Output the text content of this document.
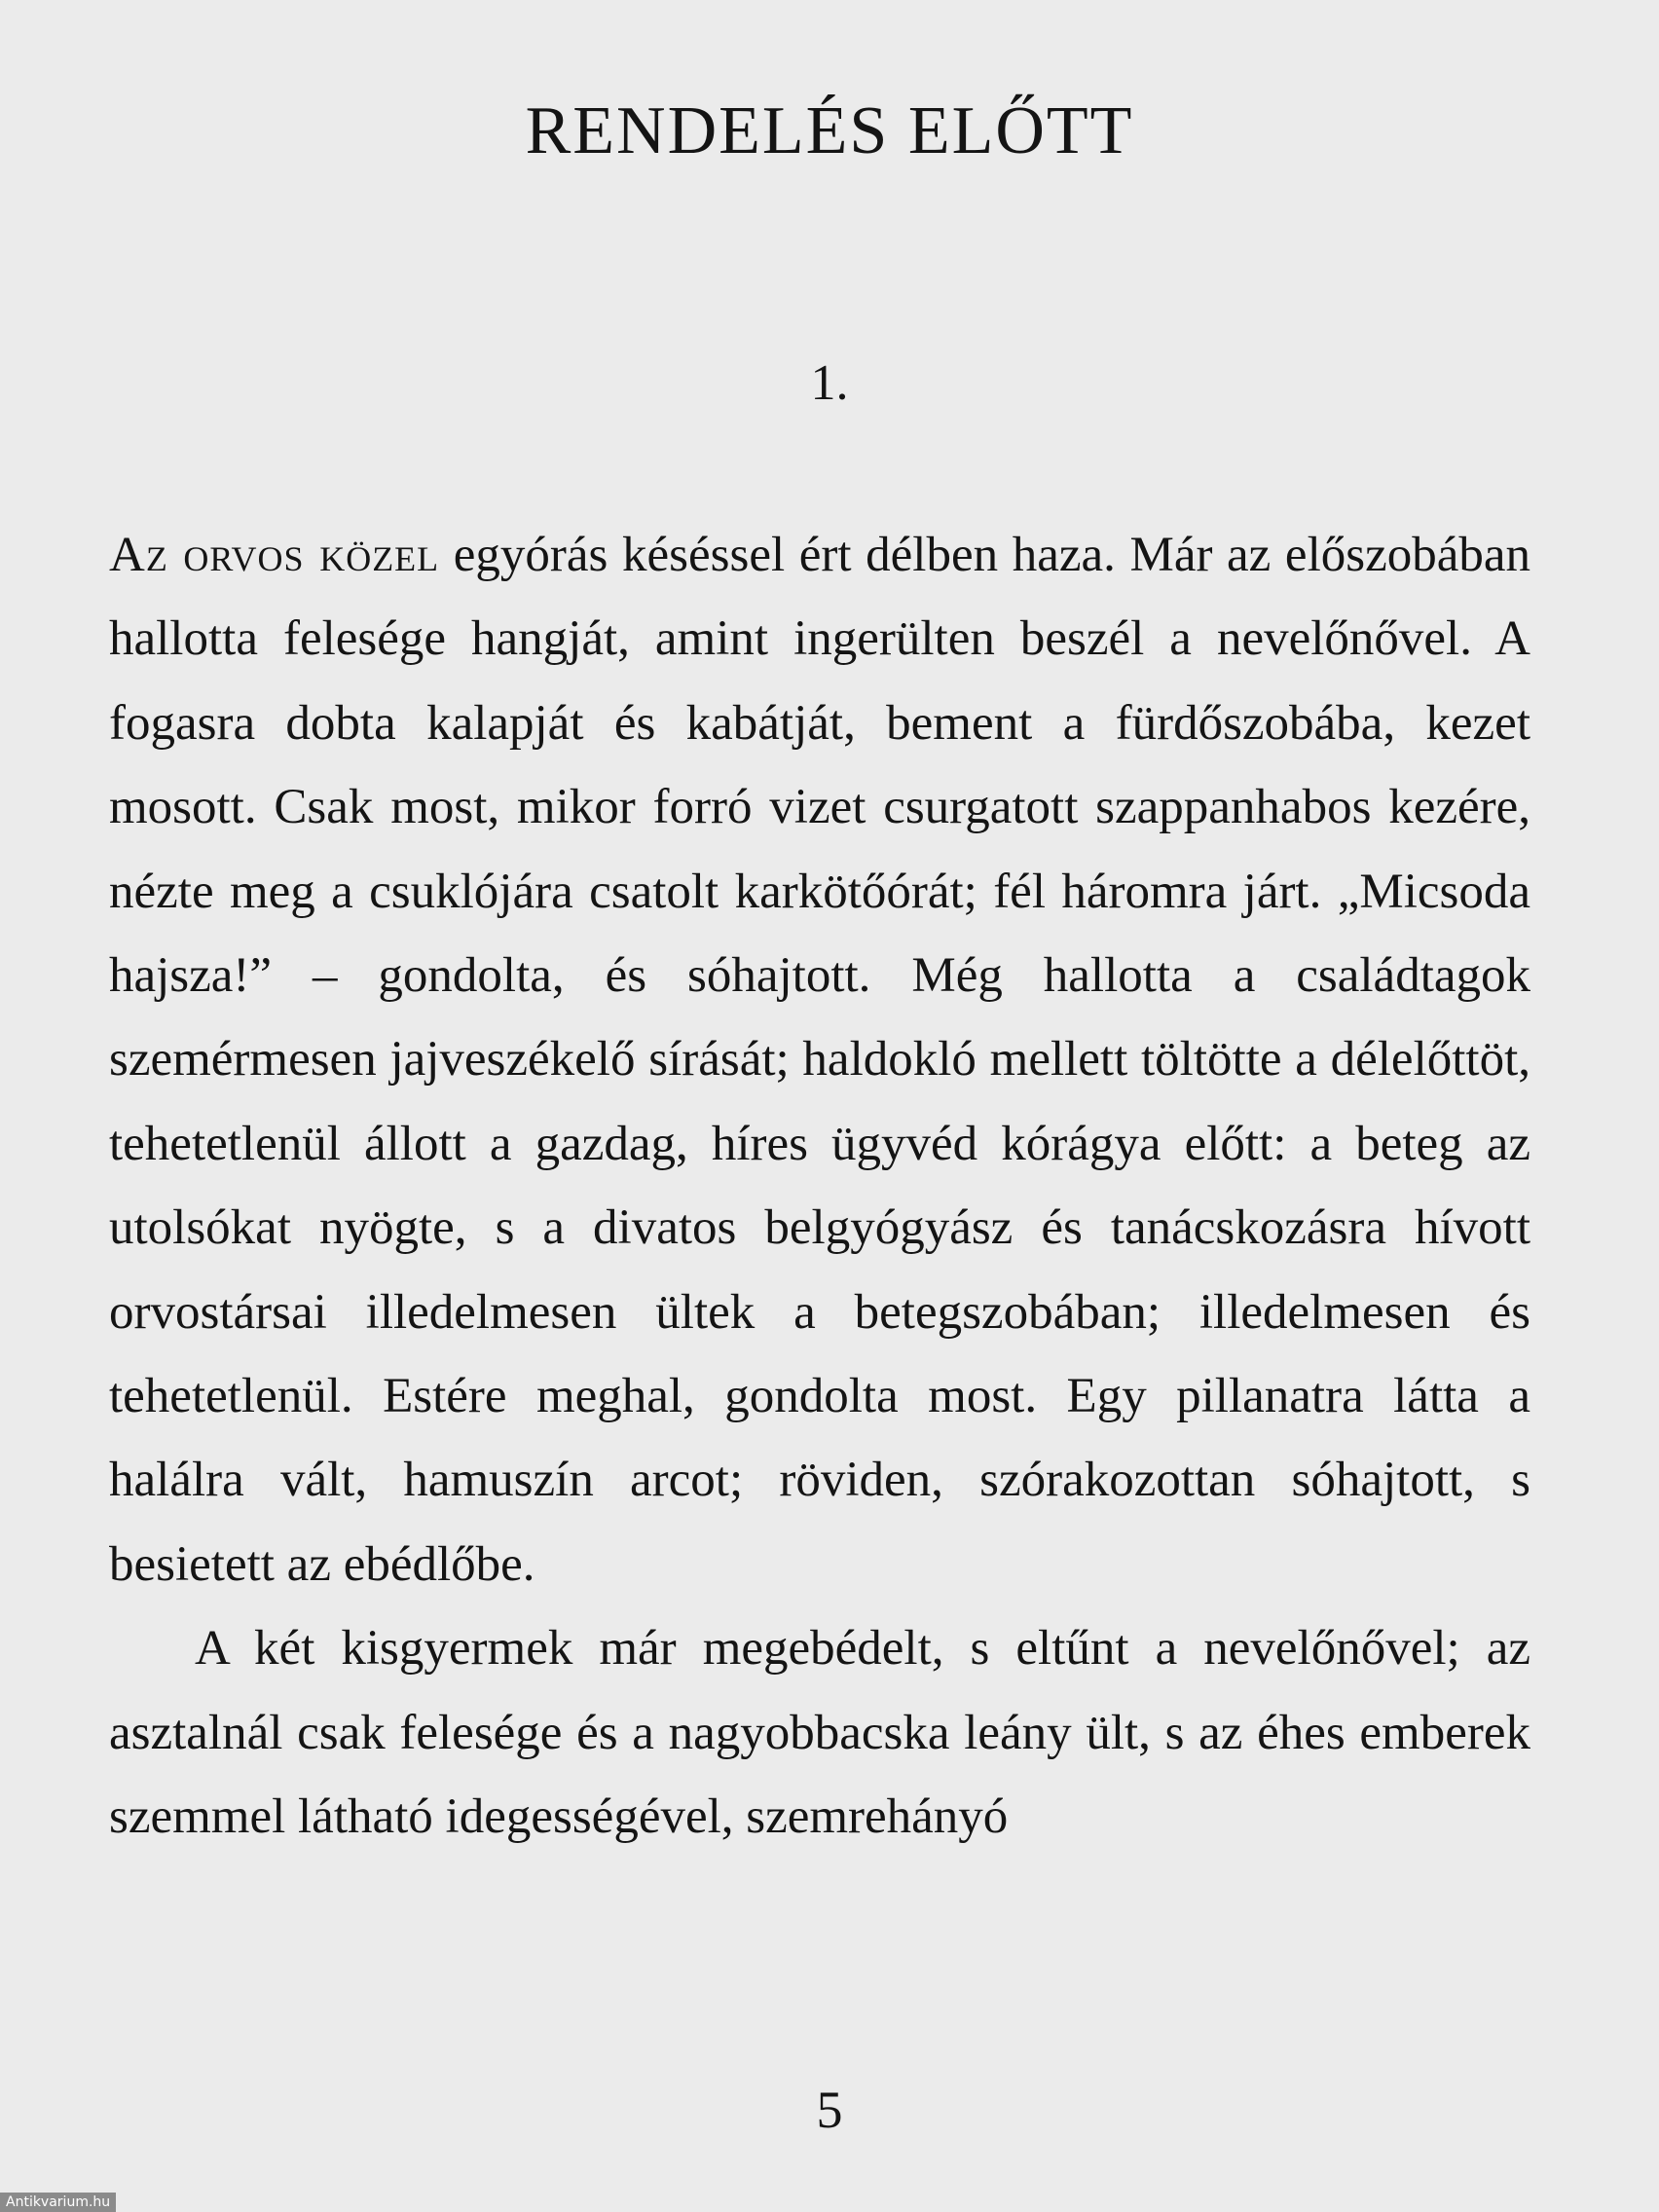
RENDELÉS ELŐTT
1.

Az orvos közel egyórás késéssel ért délben haza. Már az előszobában hallotta felesége hangját, amint ingerülten beszél a nevelőnővel. A fogasra dobta kalapját és kabátját, bement a fürdőszobába, kezet mosott. Csak most, mikor forró vizet csurgatott szappanhabos kezére, nézte meg a csuklójára csatolt karkötőórát; fél háromra járt. „Micsoda hajsza!” – gondolta, és sóhajtott. Még hallotta a családtagok szemérmesen jajveszékelő sírását; haldokló mellett töltötte a délelőttöt, tehetetlenül állott a gazdag, híres ügyvéd kórágya előtt: a beteg az utolsókat nyögte, s a divatos belgyógyász és tanácskozásra hívott orvostársai illedelmesen ültek a betegszobában; illedelmesen és tehetetlenül. Estére meghal, gondolta most. Egy pillanatra látta a halálra vált, hamuszín arcot; röviden, szórakozottan sóhajtott, s besietett az ebédlőbe.

A két kisgyermek már megebédelt, s eltűnt a nevelőnővel; az asztalnál csak felesége és a nagyobbacska leány ült, s az éhes emberek szemmel látható idegességével, szemrehányó

5
Antikvarium.hu
